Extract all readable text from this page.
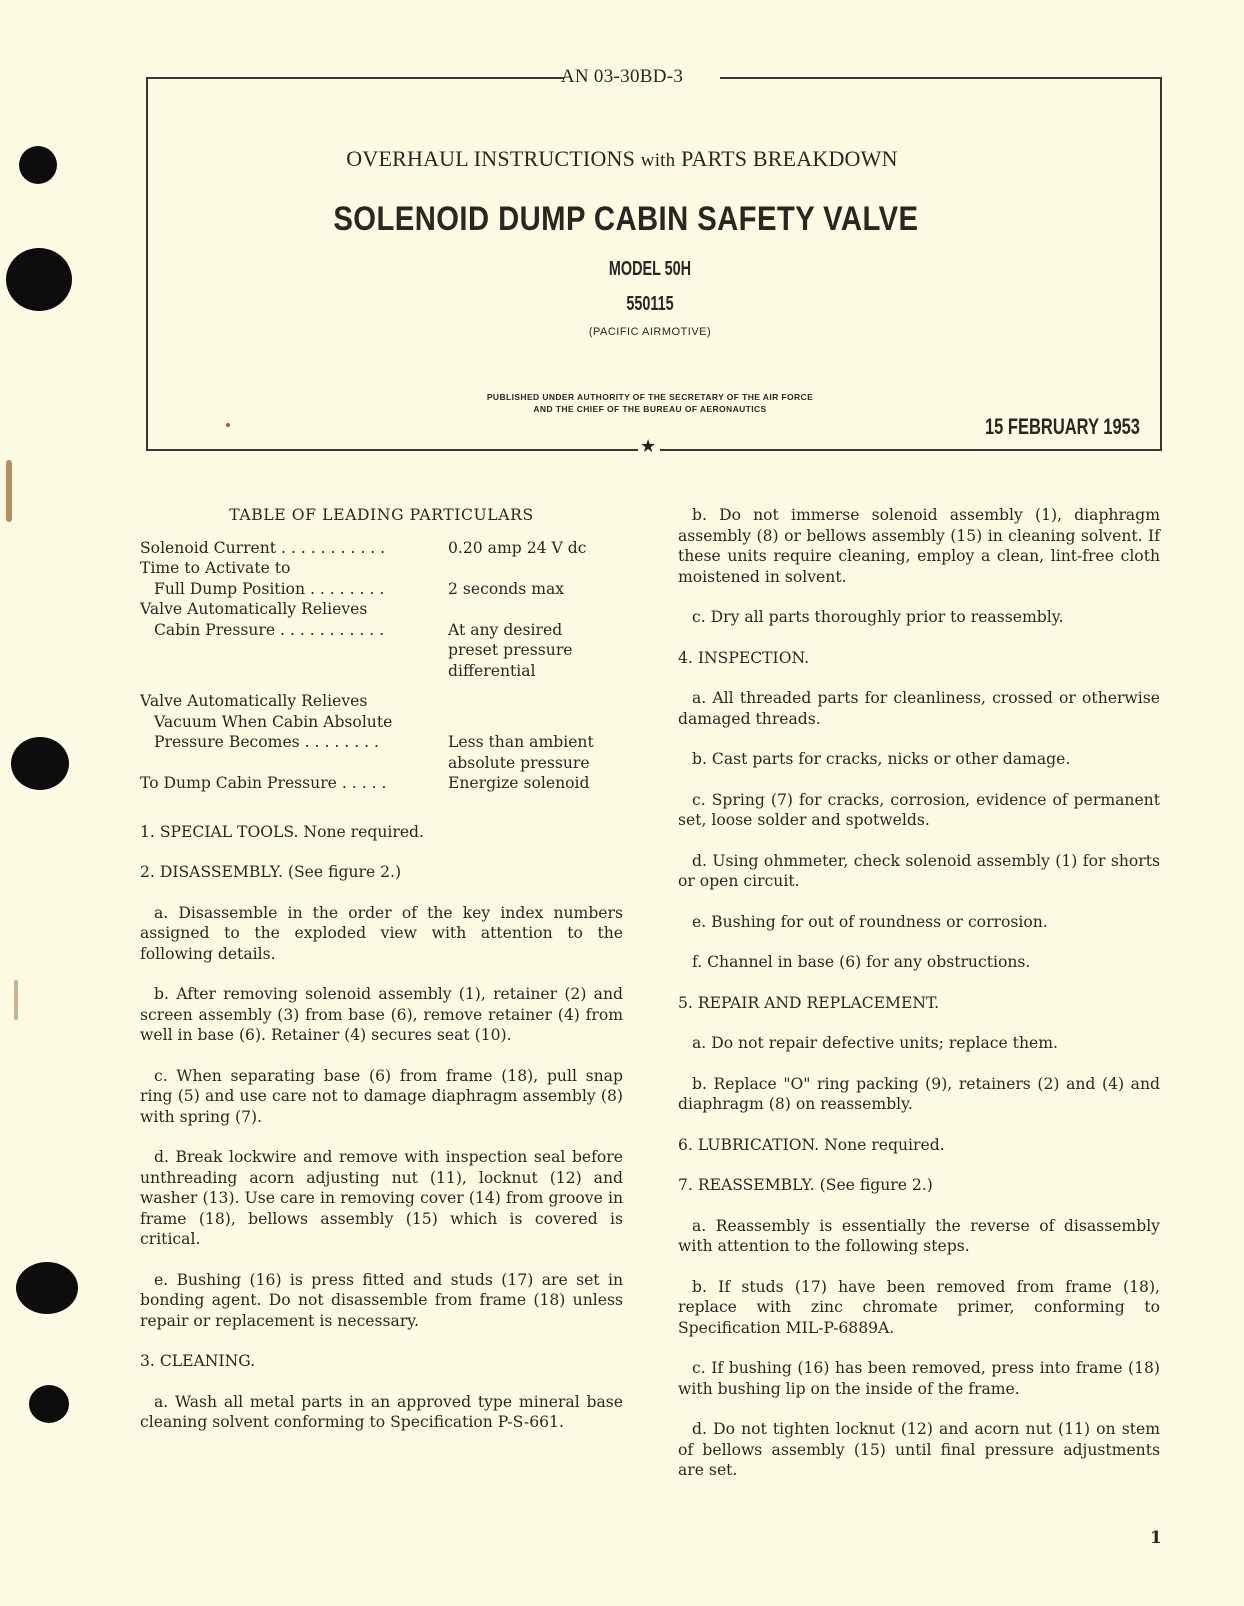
AN 03-30BD-3
OVERHAUL INSTRUCTIONS with PARTS BREAKDOWN
SOLENOID DUMP CABIN SAFETY VALVE
MODEL 50H
550115
(PACIFIC AIRMOTIVE)
PUBLISHED UNDER AUTHORITY OF THE SECRETARY OF THE AIR FORCE
AND THE CHIEF OF THE BUREAU OF AERONAUTICS
15 FEBRUARY 1953
★
TABLE OF LEADING PARTICULARS
Solenoid Current . . . . . . . . . . .	0.20 amp 24 V dc
Time to Activate to
Full Dump Position . . . . . . . .	2 seconds max
Valve Automatically Relieves
Cabin Pressure . . . . . . . . . . .	At any desired
preset pressure
differential
Valve Automatically Relieves
Vacuum When Cabin Absolute
Pressure Becomes . . . . . . . .	Less than ambient
absolute pressure
To Dump Cabin Pressure . . . . .	Energize solenoid

1. SPECIAL TOOLS. None required.

2. DISASSEMBLY. (See figure 2.)

a. Disassemble in the order of the key index numbers assigned to the exploded view with attention to the following details.

b. After removing solenoid assembly (1), retainer (2) and screen assembly (3) from base (6), remove retainer (4) from well in base (6). Retainer (4) secures seat (10).

c. When separating base (6) from frame (18), pull snap ring (5) and use care not to damage diaphragm assembly (8) with spring (7).

d. Break lockwire and remove with inspection seal before unthreading acorn adjusting nut (11), locknut (12) and washer (13). Use care in removing cover (14) from groove in frame (18), bellows assembly (15) which is covered is critical.

e. Bushing (16) is press fitted and studs (17) are set in bonding agent. Do not disassemble from frame (18) unless repair or replacement is necessary.

3. CLEANING.

a. Wash all metal parts in an approved type mineral base cleaning solvent conforming to Specification P-S-661.

b. Do not immerse solenoid assembly (1), diaphragm assembly (8) or bellows assembly (15) in cleaning solvent. If these units require cleaning, employ a clean, lint-free cloth moistened in solvent.

c. Dry all parts thoroughly prior to reassembly.

4. INSPECTION.

a. All threaded parts for cleanliness, crossed or otherwise damaged threads.

b. Cast parts for cracks, nicks or other damage.

c. Spring (7) for cracks, corrosion, evidence of permanent set, loose solder and spotwelds.

d. Using ohmmeter, check solenoid assembly (1) for shorts or open circuit.

e. Bushing for out of roundness or corrosion.

f. Channel in base (6) for any obstructions.

5. REPAIR AND REPLACEMENT.

a. Do not repair defective units; replace them.

b. Replace "O" ring packing (9), retainers (2) and (4) and diaphragm (8) on reassembly.

6. LUBRICATION. None required.

7. REASSEMBLY. (See figure 2.)

a. Reassembly is essentially the reverse of disassembly with attention to the following steps.

b. If studs (17) have been removed from frame (18), replace with zinc chromate primer, conforming to Specification MIL-P-6889A.

c. If bushing (16) has been removed, press into frame (18) with bushing lip on the inside of the frame.

d. Do not tighten locknut (12) and acorn nut (11) on stem of bellows assembly (15) until final pressure adjustments are set.

1
